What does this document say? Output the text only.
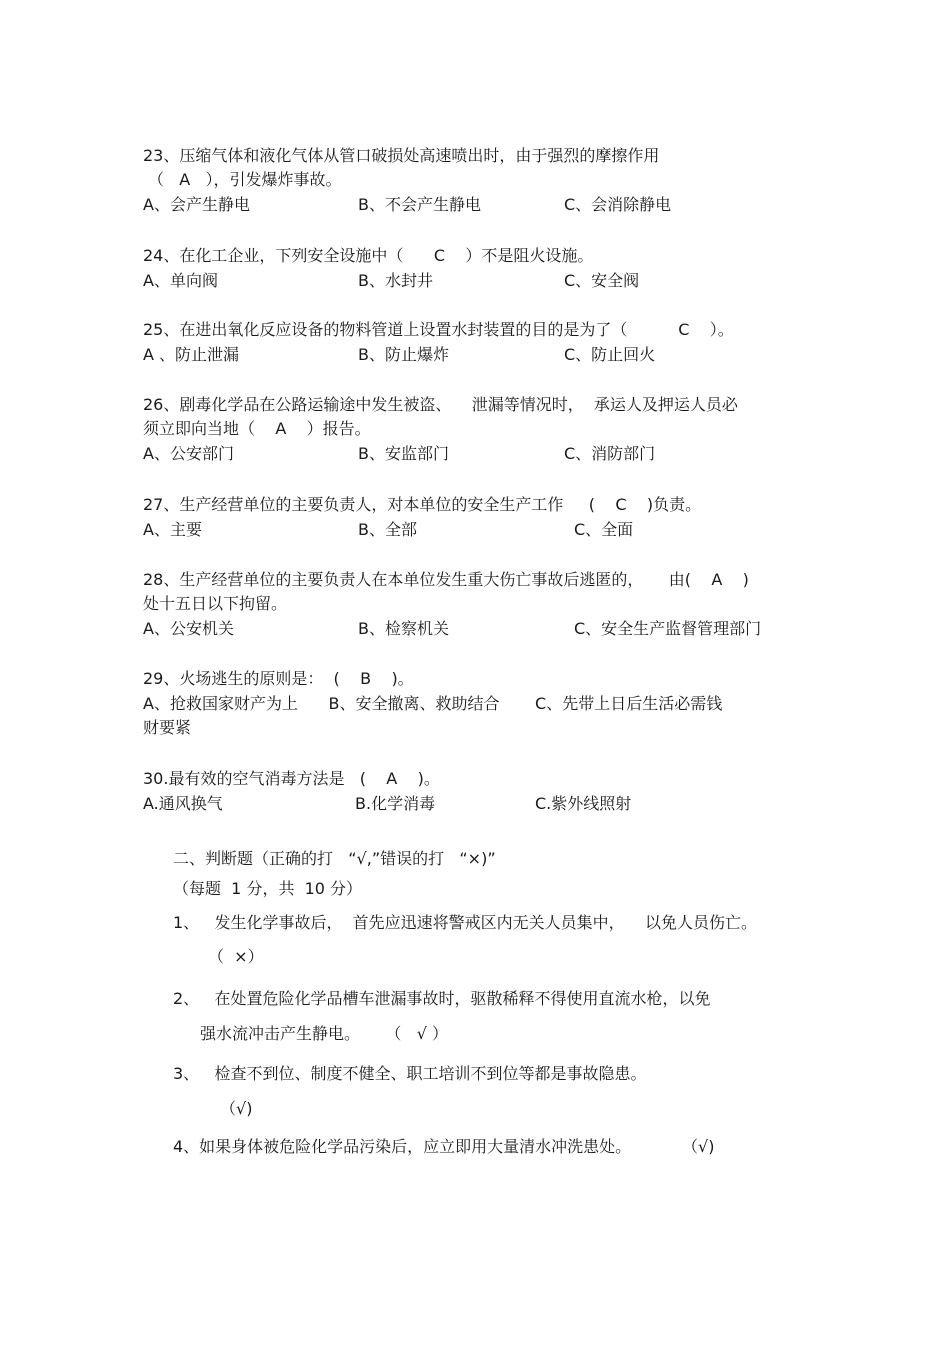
23、压缩气体和液化气体从管口破损处高速喷出时，由于强烈的摩擦作用
（   A   ），引发爆炸事故。
A、会产生静电	B、不会产生静电	C、会消除静电
24、在化工企业，下列安全设施中（      C    ）不是阻火设施。
A、单向阀	B、水封井	C、安全阀
25、在进出氧化反应设备的物料管道上设置水封装置的目的是为了（          C    ）。
A 、防止泄漏	B、防止爆炸	C、防止回火
26、剧毒化学品在公路运输途中发生被盗、    泄漏等情况时，  承运人及押运人员必
须立即向当地（    A    ）报告。
A、公安部门	B、安监部门	C、消防部门
27、生产经营单位的主要负责人，对本单位的安全生产工作     (    C    )负责。
A、主要	B、全部	C、全面
28、生产经营单位的主要负责人在本单位发生重大伤亡事故后逃匿的，     由(    A    )
处十五日以下拘留。
A、公安机关	B、检察机关	C、安全生产监督管理部门
29、火场逃生的原则是：  (    B    )。
A、抢救国家财产为上      B、安全撤离、救助结合       C、先带上日后生活必需钱
财要紧
30.最有效的空气消毒方法是   (    A    )。
A.通风换气	B.化学消毒	C.紫外线照射
二、判断题（正确的打   “√,”错误的打   “×)”
（每题  1 分，共  10 分）
1、   发生化学事故后，  首先应迅速将警戒区内无关人员集中，    以免人员伤亡。
（  ×）
2、   在处置危险化学品槽车泄漏事故时，驱散稀释不得使用直流水枪，以免
强水流冲击产生静电。     （   √ ）
3、   检查不到位、制度不健全、职工培训不到位等都是事故隐患。
（√)
4、如果身体被危险化学品污染后，应立即用大量清水冲洗患处。          （√)
